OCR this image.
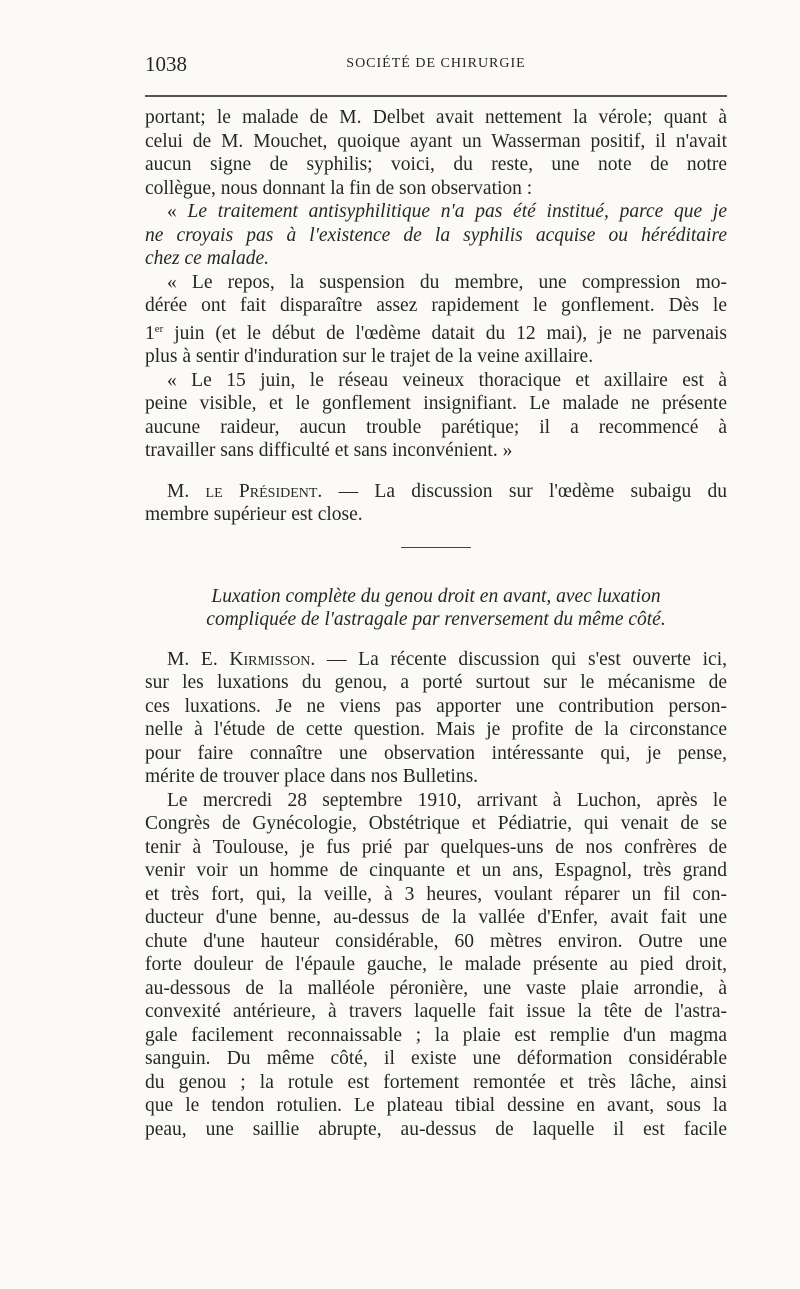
1038	SOCIÉTÉ DE CHIRURGIE
portant; le malade de M. Delbet avait nettement la vérole; quant à
celui de M. Mouchet, quoique ayant un Wasserman positif, il n'avait
aucun signe de syphilis; voici, du reste, une note de notre
collègue, nous donnant la fin de son observation :
« Le traitement antisyphilitique n'a pas été institué, parce que je
ne croyais pas à l'existence de la syphilis acquise ou héréditaire
chez ce malade.
« Le repos, la suspension du membre, une compression mo-
dérée ont fait disparaître assez rapidement le gonflement. Dès le
1er juin (et le début de l'œdème datait du 12 mai), je ne parvenais
plus à sentir d'induration sur le trajet de la veine axillaire.
« Le 15 juin, le réseau veineux thoracique et axillaire est à
peine visible, et le gonflement insignifiant. Le malade ne présente
aucune raideur, aucun trouble parétique; il a recommencé à
travailler sans difficulté et sans inconvénient. »
M. le Président. — La discussion sur l'œdème subaigu du
membre supérieur est close.
Luxation complète du genou droit en avant, avec luxation
compliquée de l'astragale par renversement du même côté.
M. E. Kirmisson. — La récente discussion qui s'est ouverte ici,
sur les luxations du genou, a porté surtout sur le mécanisme de
ces luxations. Je ne viens pas apporter une contribution person-
nelle à l'étude de cette question. Mais je profite de la circonstance
pour faire connaître une observation intéressante qui, je pense,
mérite de trouver place dans nos Bulletins.
Le mercredi 28 septembre 1910, arrivant à Luchon, après le
Congrès de Gynécologie, Obstétrique et Pédiatrie, qui venait de se
tenir à Toulouse, je fus prié par quelques-uns de nos confrères de
venir voir un homme de cinquante et un ans, Espagnol, très grand
et très fort, qui, la veille, à 3 heures, voulant réparer un fil con-
ducteur d'une benne, au-dessus de la vallée d'Enfer, avait fait une
chute d'une hauteur considérable, 60 mètres environ. Outre une
forte douleur de l'épaule gauche, le malade présente au pied droit,
au-dessous de la malléole péronière, une vaste plaie arrondie, à
convexité antérieure, à travers laquelle fait issue la tête de l'astra-
gale facilement reconnaissable ; la plaie est remplie d'un magma
sanguin. Du même côté, il existe une déformation considérable
du genou ; la rotule est fortement remontée et très lâche, ainsi
que le tendon rotulien. Le plateau tibial dessine en avant, sous la
peau, une saillie abrupte, au-dessus de laquelle il est facile
